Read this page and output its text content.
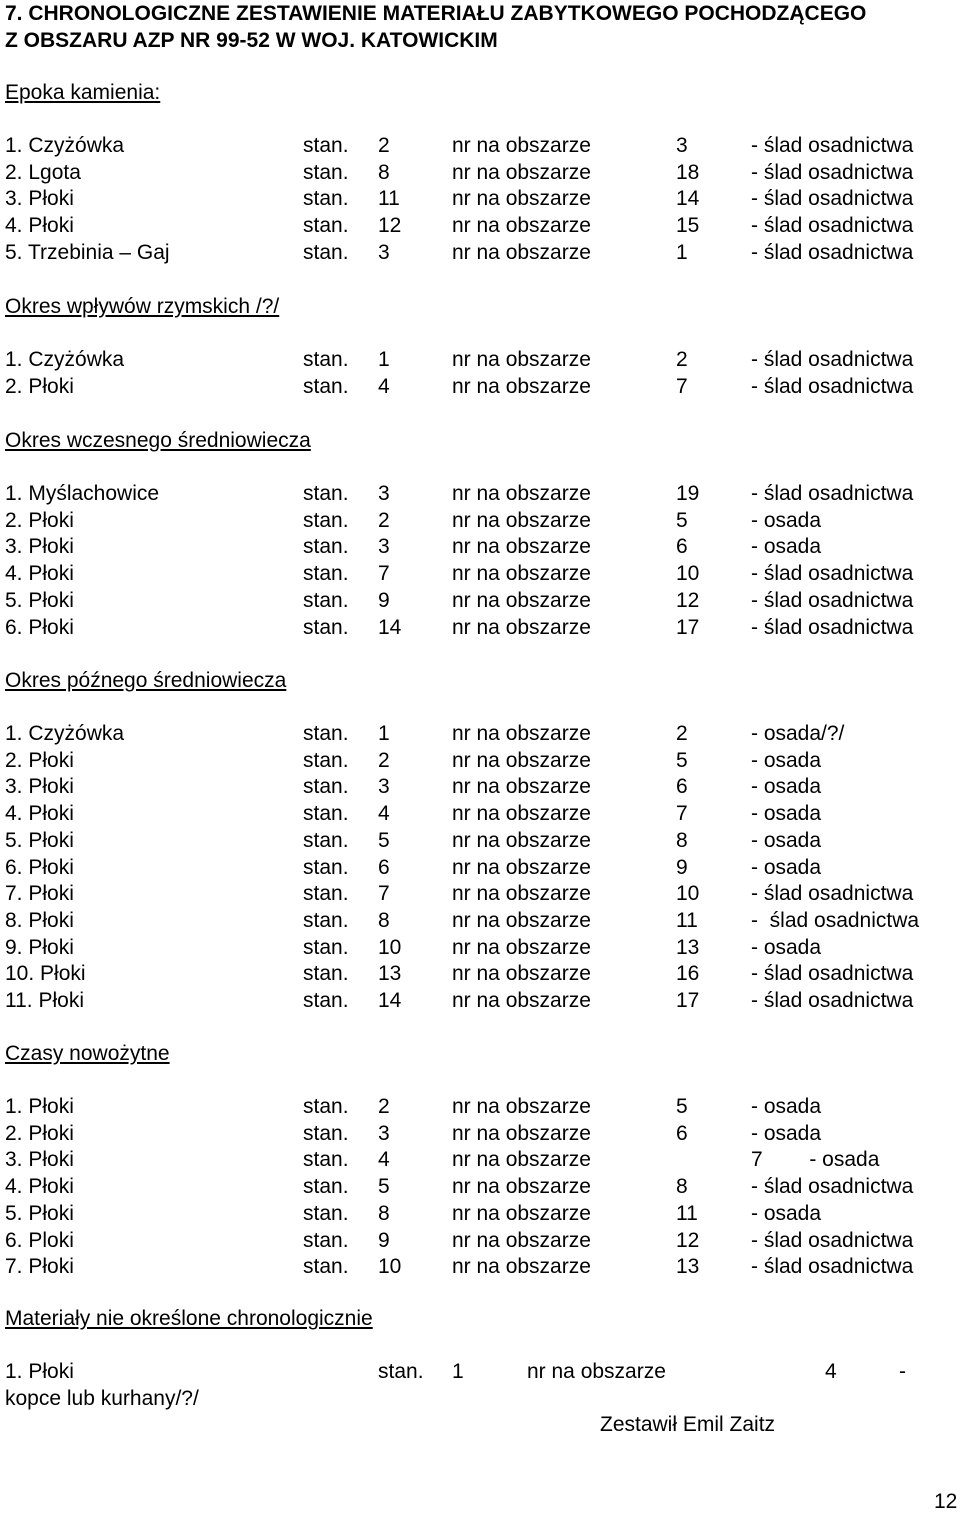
7. CHRONOLOGICZNE ZESTAWIENIE MATERIAŁU ZABYTKOWEGO POCHODZĄCEGO
Z OBSZARU AZP NR 99-52 W WOJ. KATOWICKIM
Epoka kamienia:
1. Czyżówka	stan. 2	nr na obszarze	3	- ślad osadnictwa
2. Lgota	stan. 8	nr na obszarze	18 - ślad osadnictwa
3. Płoki	stan. 11 nr na obszarze	14 - ślad osadnictwa
4. Płoki	stan. 12 nr na obszarze	15 - ślad osadnictwa
5. Trzebinia – Gaj	stan. 3	nr na obszarze	1	- ślad osadnictwa
Okres wpływów rzymskich /?/
1. Czyżówka	stan. 1	nr na obszarze	2	- ślad osadnictwa
2. Płoki	stan. 4	nr na obszarze	7	- ślad osadnictwa
Okres wczesnego średniowiecza
1. Myślachowice	stan. 3	nr na obszarze	19 - ślad osadnictwa
2. Płoki	stan. 2	nr na obszarze	5	- osada
3. Płoki	stan. 3	nr na obszarze	6	- osada
4. Płoki	stan. 7	nr na obszarze	10 - ślad osadnictwa
5. Płoki	stan. 9	nr na obszarze	12 - ślad osadnictwa
6. Płoki	stan. 14 nr na obszarze	17 - ślad osadnictwa
Okres późnego średniowiecza
1. Czyżówka	stan. 1	nr na obszarze	2	- osada/?/
2. Płoki	stan. 2	nr na obszarze	5	- osada
3. Płoki	stan. 3	nr na obszarze	6	- osada
4. Płoki	stan. 4	nr na obszarze	7	- osada
5. Płoki	stan. 5	nr na obszarze	8	- osada
6. Płoki	stan. 6	nr na obszarze	9	- osada
7. Płoki	stan. 7	nr na obszarze	10 - ślad osadnictwa
8. Płoki	stan. 8	nr na obszarze	11	-  ślad osadnictwa
9. Płoki	stan. 10 nr na obszarze	13 - osada
10. Płoki	stan. 13 nr na obszarze	16 - ślad osadnictwa
11. Płoki	stan. 14 nr na obszarze	17 - ślad osadnictwa
Czasy nowożytne
1. Płoki	stan. 2	nr na obszarze	5	- osada
2. Płoki	stan. 3	nr na obszarze	6	- osada
3. Płoki	stan. 4	nr na obszarze	7        - osada
4. Płoki	stan. 5	nr na obszarze	8	- ślad osadnictwa
5. Płoki	stan. 8	nr na obszarze	11	- osada
6. Ploki	stan. 9	nr na obszarze	12 - ślad osadnictwa
7. Płoki	stan. 10 nr na obszarze	13 - ślad osadnictwa
Materiały nie określone chronologicznie
1. Płoki	stan. 1	nr na obszarze	4	-
kopce lub kurhany/?/
Zestawił Emil Zaitz
12
